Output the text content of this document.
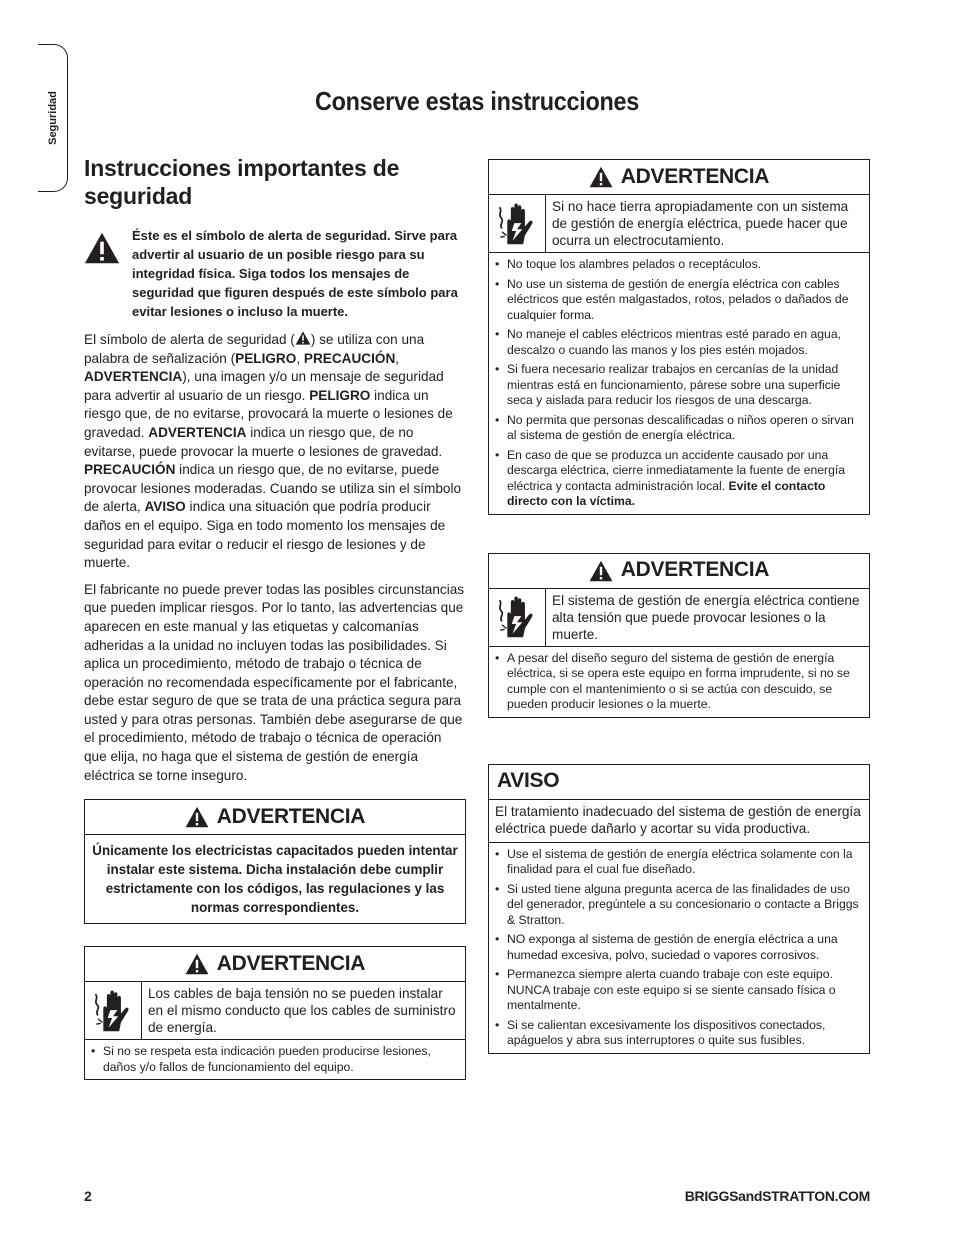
Seguridad	Conserve estas instrucciones
Instrucciones importantes de seguridad

Éste es el símbolo de alerta de seguridad. Sirve para advertir al usuario de un posible riesgo para su integridad física. Siga todos los mensajes de seguridad que figuren después de este símbolo para evitar lesiones o incluso la muerte.

El símbolo de alerta de seguridad ( ) se utiliza con una palabra de señalización (PELIGRO, PRECAUCIÓN, ADVERTENCIA), una imagen y/o un mensaje de seguridad para advertir al usuario de un riesgo. PELIGRO indica un riesgo que, de no evitarse, provocará la muerte o lesiones de gravedad. ADVERTENCIA indica un riesgo que, de no evitarse, puede provocar la muerte o lesiones de gravedad. PRECAUCIÓN indica un riesgo que, de no evitarse, puede provocar lesiones moderadas. Cuando se utiliza sin el símbolo de alerta, AVISO indica una situación que podría producir daños en el equipo. Siga en todo momento los mensajes de seguridad para evitar o reducir el riesgo de lesiones y de muerte.

El fabricante no puede prever todas las posibles circunstancias que pueden implicar riesgos. Por lo tanto, las advertencias que aparecen en este manual y las etiquetas y calcomanías adheridas a la unidad no incluyen todas las posibilidades. Si aplica un procedimiento, método de trabajo o técnica de operación no recomendada específicamente por el fabricante, debe estar seguro de que se trata de una práctica segura para usted y para otras personas. También debe asegurarse de que el procedimiento, método de trabajo o técnica de operación que elija, no haga que el sistema de gestión de energía eléctrica se torne inseguro.

ADVERTENCIA
Únicamente los electricistas capacitados pueden intentar instalar este sistema. Dicha instalación debe cumplir estrictamente con los códigos, las regulaciones y las normas correspondientes.
ADVERTENCIA
Los cables de baja tensión no se pueden instalar en el mismo conducto que los cables de suministro de energía.
• Si no se respeta esta indicación pueden producirse lesiones, daños y/o fallos de funcionamiento del equipo.
ADVERTENCIA
Si no hace tierra apropiadamente con un sistema de gestión de energía eléctrica, puede hacer que ocurra un electrocutamiento.
• No toque los alambres pelados o receptáculos.
• No use un sistema de gestión de energía eléctrica con cables eléctricos que estén malgastados, rotos, pelados o dañados de cualquier forma.
• No maneje el cables eléctricos mientras esté parado en agua, descalzo o cuando las manos y los pies estén mojados.
• Si fuera necesario realizar trabajos en cercanías de la unidad mientras está en funcionamiento, párese sobre una superficie seca y aislada para reducir los riesgos de una descarga.
• No permita que personas descalificadas o niños operen o sirvan al sistema de gestión de energía eléctrica.
• En caso de que se produzca un accidente causado por una descarga eléctrica, cierre inmediatamente la fuente de energía eléctrica y contacta administración local. Evite el contacto directo con la víctima.
ADVERTENCIA
El sistema de gestión de energía eléctrica contiene alta tensión que puede provocar lesiones o la muerte.
• A pesar del diseño seguro del sistema de gestión de energía eléctrica, si se opera este equipo en forma imprudente, si no se cumple con el mantenimiento o si se actúa con descuido, se pueden producir lesiones o la muerte.
AVISO
El tratamiento inadecuado del sistema de gestión de energía eléctrica puede dañarlo y acortar su vida productiva.
• Use el sistema de gestión de energía eléctrica solamente con la finalidad para el cual fue diseñado.
• Si usted tiene alguna pregunta acerca de las finalidades de uso del generador, pregúntele a su concesionario o contacte a Briggs & Stratton.
• NO exponga al sistema de gestión de energía eléctrica a una humedad excesiva, polvo, suciedad o vapores corrosivos.
• Permanezca siempre alerta cuando trabaje con este equipo. NUNCA trabaje con este equipo si se siente cansado física o mentalmente.
• Si se calientan excesivamente los dispositivos conectados, apáguelos y abra sus interruptores o quite sus fusibles.
2	BRIGGSandSTRATTON.COM
